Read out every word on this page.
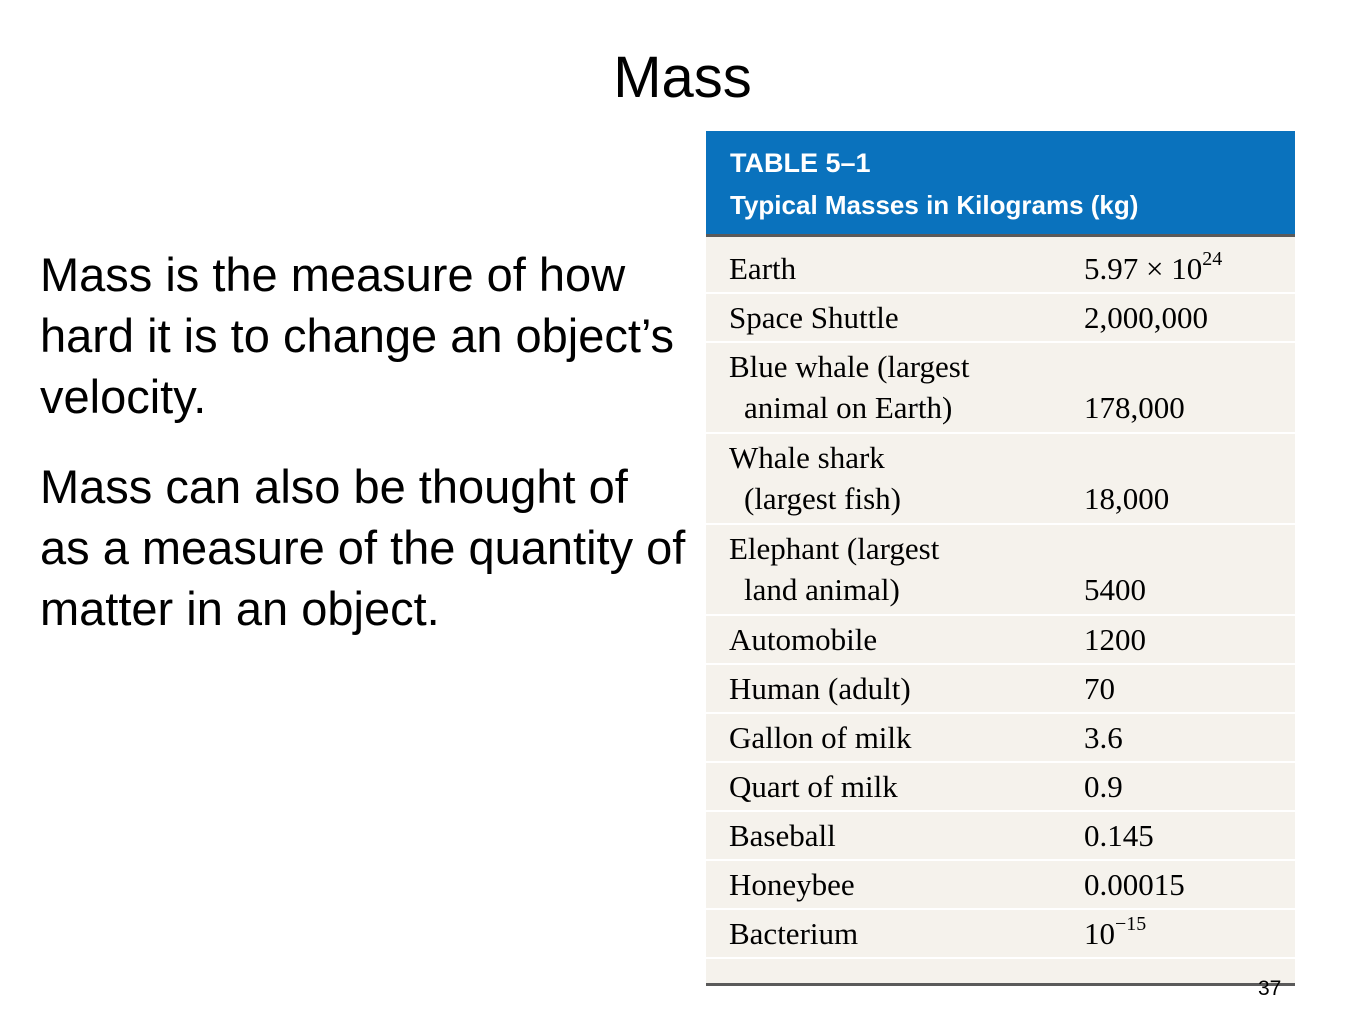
Mass

Mass is the measure of how hard it is to change an object’s velocity.

Mass can also be thought of as a measure of the quantity of matter in an object.

TABLE 5–1
Typical Masses in Kilograms (kg)
Earth	$5.97 \times 10^{24}$
Space Shuttle	2,000,000
Blue whale (largest
animal on Earth)	178,000
Whale shark
(largest fish)	18,000
Elephant (largest
land animal)	5400
Automobile	1200
Human (adult)	70
Gallon of milk	3.6
Quart of milk	0.9
Baseball	0.145
Honeybee	0.00015
Bacterium	$10^{-15}$
37
